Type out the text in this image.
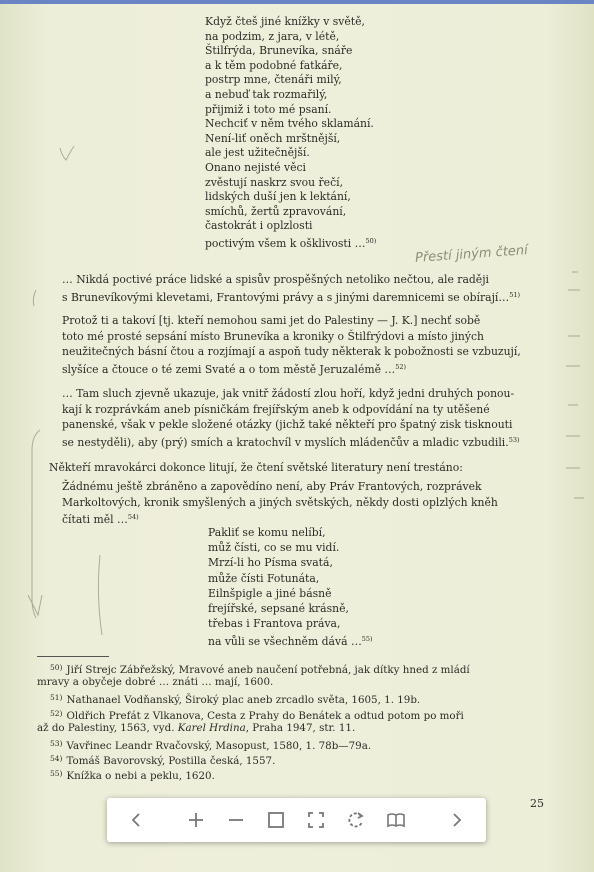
Když čteš jiné knížky v světě,
na podzim, z jara, v létě,
Štilfrýda, Brunevíka, snáře
a k těm podobné fatkáře,
postrp mne, čtenáři milý,
a nebuď tak rozmařilý,
přijmiž i toto mé psaní.
Nechciť v něm tvého sklamání.
Není-liť oněch mrštnější,
ale jest užitečnější.
Onano nejisté věci
zvěstují naskrz svou řečí,
lidských duší jen k lektání,
smíchů, žertů zpravování,
častokrát i oplzlosti
poctivým všem k ošklivosti …$^{50)}$
Přestí jiným čtení
… Nikdá poctivé práce lidské a spisův prospěšných netoliko nečtou, ale raději
s Brunevíkovými klevetami, Frantovými právy a s jinými daremnicemi se obírají…$^{51)}$
Protož ti a takoví [tj. kteří nemohou sami jet do Palestiny — J. K.] nechť sobě
toto mé prosté sepsání místo Brunevíka a kroniky o Štilfrýdovi a místo jiných
neužitečných básní čtou a rozjímají a aspoň tudy některak k pobožnosti se vzbuzují,
slyšíce a čtouce o té zemi Svaté a o tom městě Jeruzalémě …$^{52)}$
… Tam sluch zjevně ukazuje, jak vnitř žádostí zlou hoří, když jedni druhých ponou-
kají k rozprávkám aneb písničkám frejířským aneb k odpovídání na ty utěšené
panenské, však v pekle složené otázky (jichž také někteří pro špatný zisk tisknouti
se nestyděli), aby (prý) smích a kratochvíl v myslích mládenčův a mladic vzbudili.$^{53)}$
Někteří mravokárci dokonce litují, že čtení světské literatury není trestáno:
Žádnému ještě zbráněno a zapovědíno není, aby Práv Frantových, rozprávek
Markoltových, kronik smyšlených a jiných světských, někdy dosti oplzlých kněh
čítati měl …$^{54)}$
Pakliť se komu nelíbí,
můž čísti, co se mu vidí.
Mrzí-li ho Písma svatá,
může čísti Fotunáta,
Eilnšpigle a jiné básně
frejířské, sepsané krásně,
třebas i Frantova práva,
na vůli se všechněm dává …$^{55)}$
$^{50)}$ Jiří Strejc Zábřežský, Mravové aneb naučení potřebná, jak dítky hned z mládí
mravy a obyčeje dobré … znáti … mají, 1600.
$^{51)}$ Nathanael Vodňanský, Široký plac aneb zrcadlo světa, 1605, 1. 19b.
$^{52)}$ Oldřich Prefát z Vlkanova, Cesta z Prahy do Benátek a odtud potom po moři
až do Palestiny, 1563, vyd. Karel Hrdina, Praha 1947, str. 11.
$^{53)}$ Vavřinec Leandr Rvačovský, Masopust, 1580, 1. 78b—79a.
$^{54)}$ Tomáš Bavorovský, Postilla česká, 1557.
$^{55)}$ Knížka o nebi a peklu, 1620.
25
